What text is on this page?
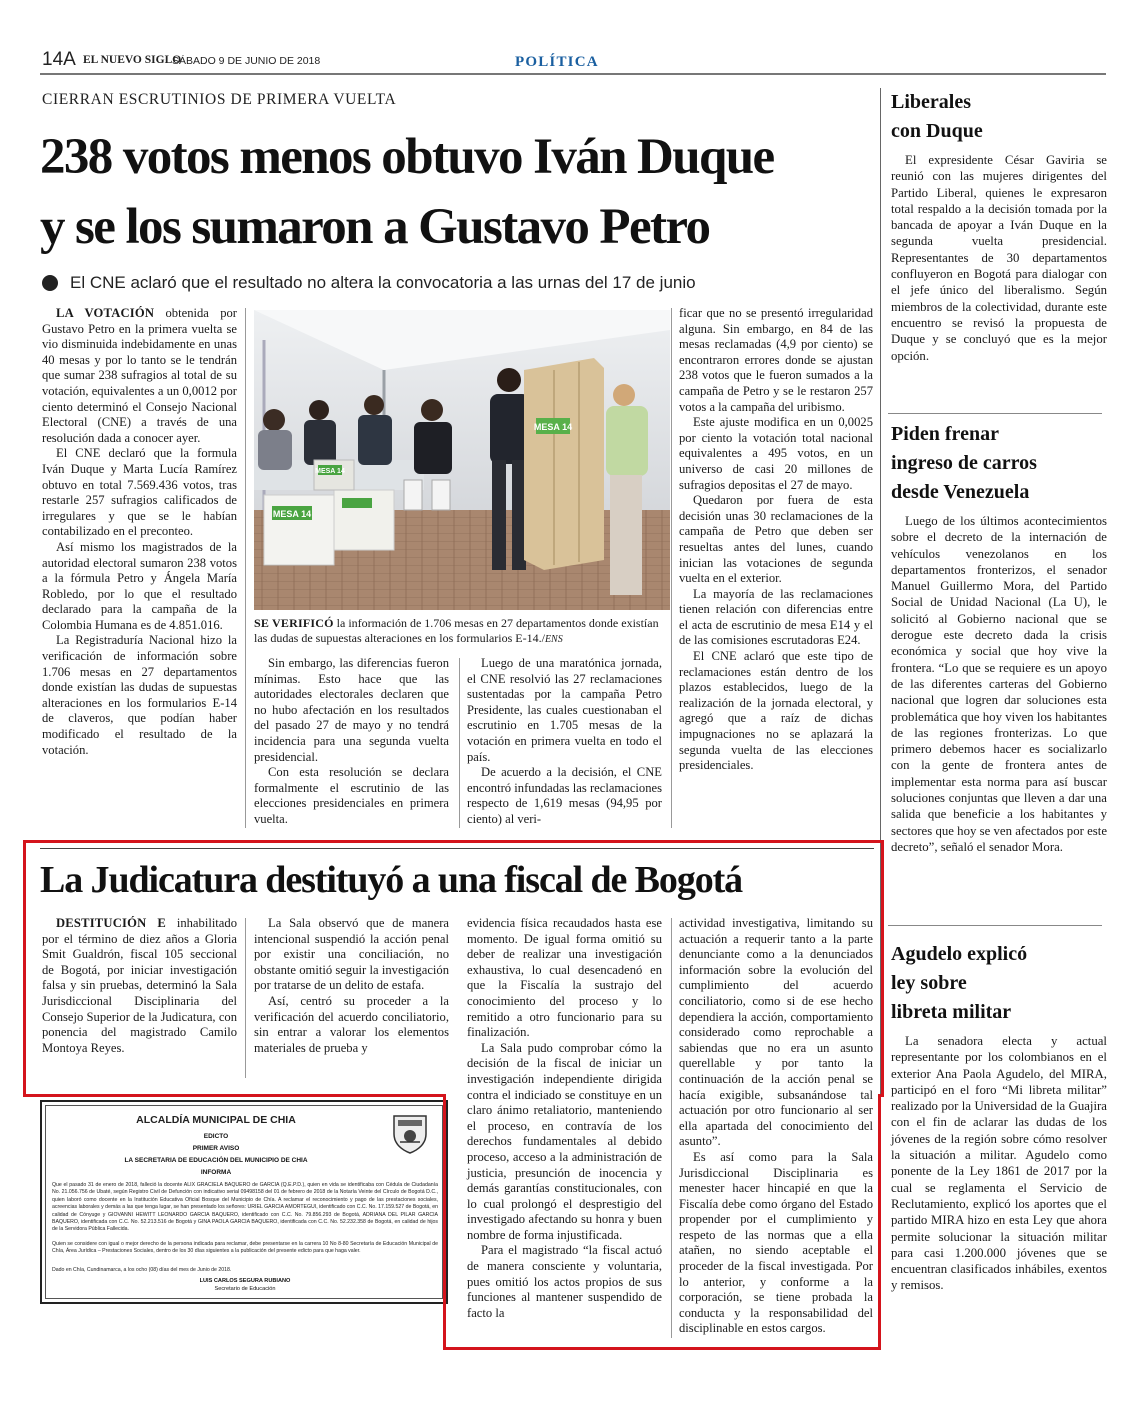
14A EL NUEVO SIGLO
SÁBADO 9 DE JUNIO DE 2018	POLÍTICA
CIERRAN ESCRUTINIOS DE PRIMERA VUELTA
238 votos menos obtuvo Iván Duque
y se los sumaron a Gustavo Petro
El CNE aclaró que el resultado no altera la convocatoria a las urnas del 17 de junio

LA VOTACIÓN obtenida por Gustavo Petro en la primera vuelta se vio disminuida indebidamente en unas 40 mesas y por lo tanto se le tendrán que sumar 238 sufragios al total de su votación, equivalentes a un 0,0012 por ciento determinó el Consejo Nacional Electoral (CNE) a través de una resolución dada a conocer ayer.

El CNE declaró que la formula Iván Duque y Marta Lucía Ramírez obtuvo en total 7.569.436 votos, tras restarle 257 sufragios calificados de irregulares y que se le habían contabilizado en el preconteo.

Así mismo los magistrados de la autoridad electoral sumaron 238 votos a la fórmula Petro y Ángela María Robledo, por lo que el resultado declarado para la campaña de la Colombia Humana es de 4.851.016.

La Registraduría Nacional hizo la verificación de información sobre 1.706 mesas en 27 departamentos donde existían las dudas de supuestas alteraciones en los formularios E-14 de claveros, que podían haber modificado el resultado de la votación.

MESA 14
MESA 14
MESA 14
SE VERIFICÓ la información de 1.706 mesas en 27 departamentos donde existían las dudas de supuestas alteraciones en los formularios E-14./ENS

Sin embargo, las diferencias fueron mínimas. Esto hace que las autoridades electorales declaren que no hubo afectación en los resultados del pasado 27 de mayo y no tendrá incidencia para una segunda vuelta presidencial.

Con esta resolución se declara formalmente el escrutinio de las elecciones presidenciales en primera vuelta.

Luego de una maratónica jornada, el CNE resolvió las 27 reclamaciones sustentadas por la campaña Petro Presidente, las cuales cuestionaban el escrutinio en 1.705 mesas de la votación en primera vuelta en todo el país.

De acuerdo a la decisión, el CNE encontró infundadas las reclamaciones respecto de 1,619 mesas (94,95 por ciento) al veri-

ficar que no se presentó irregularidad alguna. Sin embargo, en 84 de las mesas reclamadas (4,9 por ciento) se encontraron errores donde se ajustan 238 votos que le fueron sumados a la campaña de Petro y se le restaron 257 votos a la campaña del uribismo.

Este ajuste modifica en un 0,0025 por ciento la votación total nacional equivalentes a 495 votos, en un universo de casi 20 millones de sufragios depositas el 27 de mayo.

Quedaron por fuera de esta decisión unas 30 reclamaciones de la campaña de Petro que deben ser resueltas antes del lunes, cuando inician las votaciones de segunda vuelta en el exterior.

La mayoría de las reclamaciones tienen relación con diferencias entre el acta de escrutinio de mesa E14 y el de las comisiones escrutadoras E24.

El CNE aclaró que este tipo de reclamaciones están dentro de los plazos establecidos, luego de la realización de la jornada electoral, y agregó que a raíz de dichas impugnaciones no se aplazará la segunda vuelta de las elecciones presidenciales.

Liberales
con Duque

El expresidente César Gaviria se reunió con las mujeres dirigentes del Partido Liberal, quienes le expresaron total respaldo a la decisión tomada por la bancada de apoyar a Iván Duque en la segunda vuelta presidencial. Representantes de 30 departamentos confluyeron en Bogotá para dialogar con el jefe único del liberalismo. Según miembros de la colectividad, durante este encuentro se revisó la propuesta de Duque y se concluyó que es la mejor opción.

Piden frenar
ingreso de carros
desde Venezuela

Luego de los últimos acontecimientos sobre el decreto de la internación de vehículos venezolanos en los departamentos fronterizos, el senador Manuel Guillermo Mora, del Partido Social de Unidad Nacional (La U), le solicitó al Gobierno nacional que se derogue este decreto dada la crisis económica y social que hoy vive la frontera. “Lo que se requiere es un apoyo de las diferentes carteras del Gobierno nacional que logren dar soluciones esta problemática que hoy viven los habitantes de las regiones fronterizas. Lo que primero debemos hacer es socializarlo con la gente de frontera antes de implementar esta norma para así buscar soluciones conjuntas que lleven a dar una salida que beneficie a los habitantes y sectores que hoy se ven afectados por este decreto”, señaló el senador Mora.

Agudelo explicó
ley sobre
libreta militar

La senadora electa y actual representante por los colombianos en el exterior Ana Paola Agudelo, del MIRA, participó en el foro “Mi libreta militar” realizado por la Universidad de la Guajira con el fin de aclarar las dudas de los jóvenes de la región sobre cómo resolver la situación a militar. Agudelo como ponente de la Ley 1861 de 2017 por la cual se reglamenta el Servicio de Reclutamiento, explicó los aportes que el partido MIRA hizo en esta Ley que ahora permite solucionar la situación militar para casi 1.200.000 jóvenes que se encuentran clasificados inhábiles, exentos y remisos.

La Judicatura destituyó a una fiscal de Bogotá

DESTITUCIÓN E inhabilitado por el término de diez años a Gloria Smit Gualdrón, fiscal 105 seccional de Bogotá, por iniciar investigación falsa y sin pruebas, determinó la Sala Jurisdiccional Disciplinaria del Consejo Superior de la Judicatura, con ponencia del magistrado Camilo Montoya Reyes.

La Sala observó que de manera intencional suspendió la acción penal por existir una conciliación, no obstante omitió seguir la investigación por tratarse de un delito de estafa.

Así, centró su proceder a la verificación del acuerdo conciliatorio, sin entrar a valorar los elementos materiales de prueba y

evidencia física recaudados hasta ese momento. De igual forma omitió su deber de realizar una investigación exhaustiva, lo cual desencadenó en que la Fiscalía la sustrajo del conocimiento del proceso y lo remitido a otro funcionario para su finalización.

La Sala pudo comprobar cómo la decisión de la fiscal de iniciar un investigación independiente dirigida contra el indiciado se constituye en un claro ánimo retaliatorio, manteniendo el proceso, en contravía de los derechos fundamentales al debido proceso, acceso a la administración de justicia, presunción de inocencia y demás garantías constitucionales, con lo cual prolongó el desprestigio del investigado afectando su honra y buen nombre de forma injustificada.

Para el magistrado “la fiscal actuó de manera consciente y voluntaria, pues omitió los actos propios de sus funciones al mantener suspendido de facto la

actividad investigativa, limitando su actuación a requerir tanto a la parte denunciante como a la denunciados información sobre la evolución del cumplimiento del acuerdo conciliatorio, como si de ese hecho dependiera la acción, comportamiento considerado como reprochable a sabiendas que no era un asunto querellable y por tanto la continuación de la acción penal se hacía exigible, subsanándose tal actuación por otro funcionario al ser ella apartada del conocimiento del asunto”.

Es así como para la Sala Jurisdiccional Disciplinaria es menester hacer hincapié en que la Fiscalía debe como órgano del Estado propender por el cumplimiento y respeto de las normas que a ella atañen, no siendo aceptable el proceder de la fiscal investigada. Por lo anterior, y conforme a la corporación, se tiene probada la conducta y la responsabilidad del disciplinable en estos cargos.

ALCALDÍA MUNICIPAL DE CHIA
EDICTO
PRIMER AVISO
LA SECRETARIA DE EDUCACIÓN DEL MUNICIPIO DE CHIA
INFORMA
Que el pasado 31 de enero de 2018, falleció la docente ALIX GRACIELA BAQUERO de GARCIA (Q.E.P.D.), quien en vida se identificaba con Cédula de Ciudadanía No. 21.056.756 de Ubaté, según Registro Civil de Defunción con indicativo serial 09498158 del 01 de febrero de 2018 de la Notaría Veinte del Círculo de Bogotá D.C., quien laboró como docente en la Institución Educativa Oficial Bosque del Municipio de Chía. A reclamar el reconocimiento y pago de las prestaciones sociales, acreencias laborales y demás a las que tenga lugar, se han presentado los señores: URIEL GARCIA AMORTEGUI, identificado con C.C. No. 17.159.527 de Bogotá, en calidad de Cónyuge y GIOVANNI HEWITT LEONARDO GARCIA BAQUERO, identificado con C.C. No. 79.856.293 de Bogotá, ADRIANA DEL PILAR GARCIA BAQUERO, identificada con C.C. No. 52.213.516 de Bogotá y GINA PAOLA GARCIA BAQUERO, identificada con C.C. No. 52.232.358 de Bogotá, en calidad de hijos de la Servidora Pública Fallecida.
Quien se considere con igual o mejor derecho de la persona indicada para reclamar, debe presentarse en la carrera 10 No 8-80 Secretaría de Educación Municipal de Chía, Área Jurídica – Prestaciones Sociales, dentro de los 30 días siguientes a la publicación del presente edicto para que haga valer.
Dado en Chía, Cundinamarca, a los ocho (08) días del mes de Junio de 2018.
LUIS CARLOS SEGURA RUBIANO
Secretario de Educación
